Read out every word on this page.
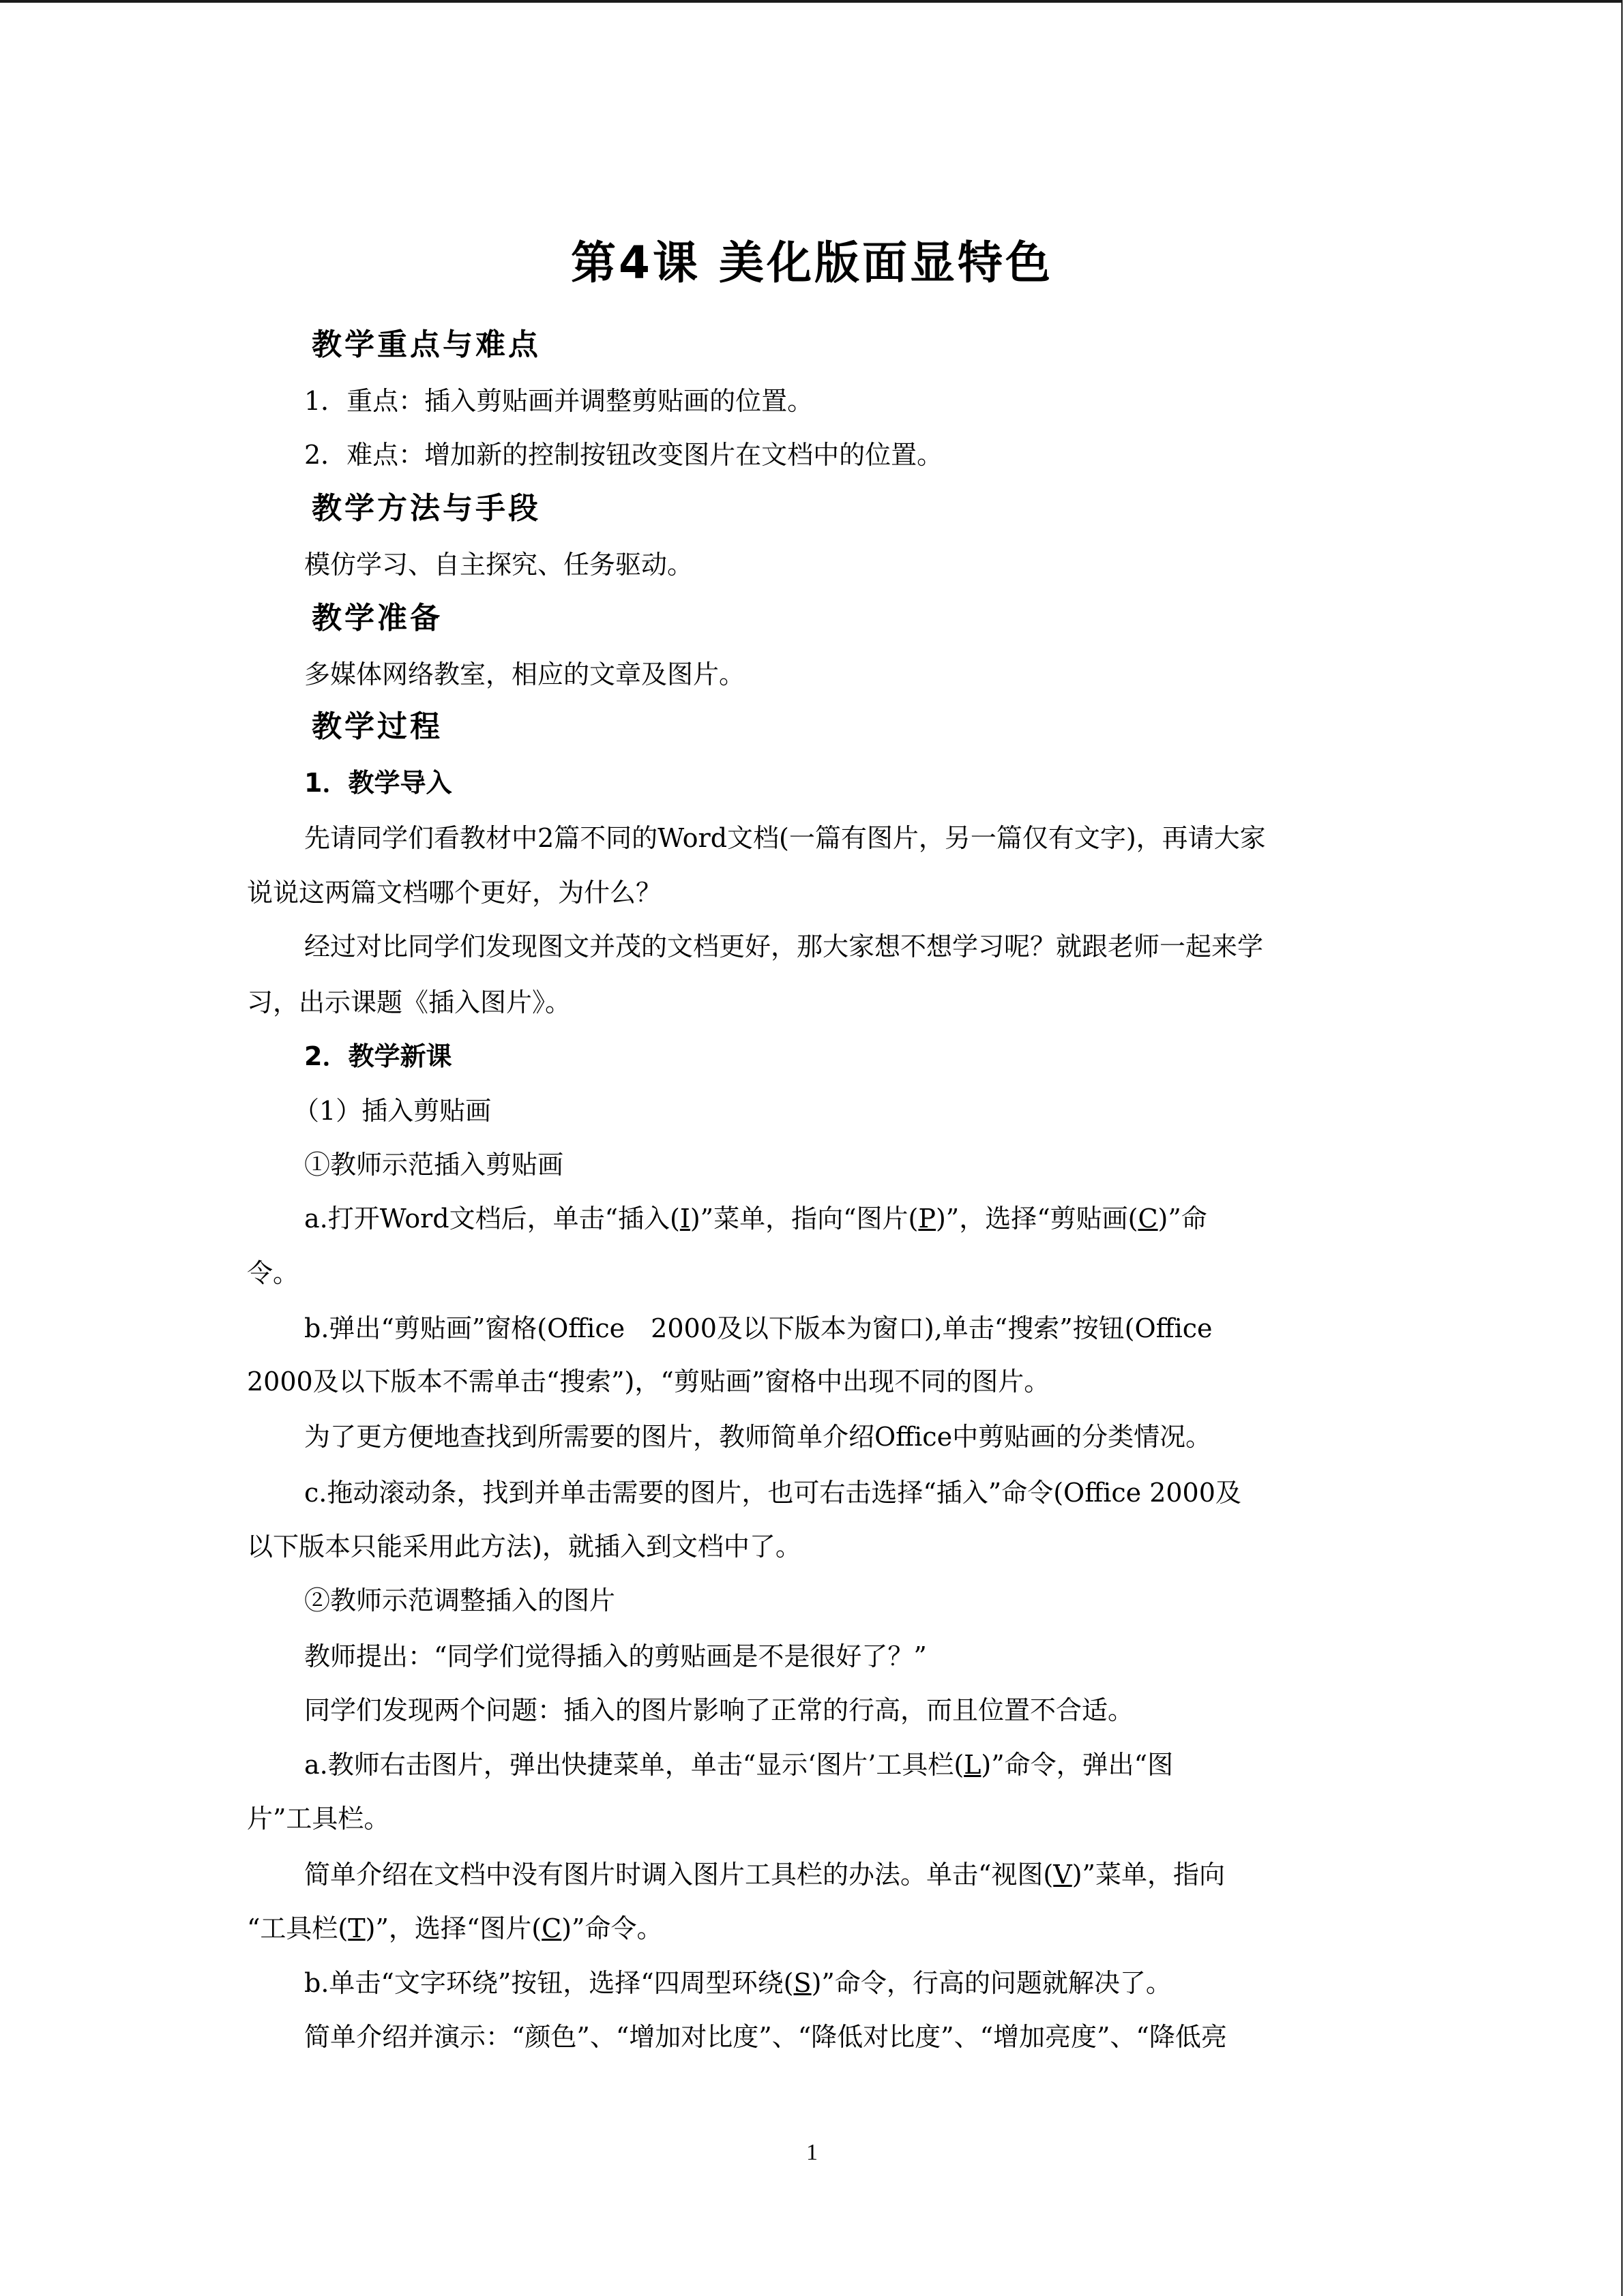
第4课 美化版面显特色
教学重点与难点
1．重点：插入剪贴画并调整剪贴画的位置。
2．难点：增加新的控制按钮改变图片在文档中的位置。
教学方法与手段
模仿学习、自主探究、任务驱动。
教学准备
多媒体网络教室，相应的文章及图片。
教学过程
1．教学导入
先请同学们看教材中2篇不同的Word文档(一篇有图片，另一篇仅有文字)，再请大家
说说这两篇文档哪个更好，为什么？
经过对比同学们发现图文并茂的文档更好，那大家想不想学习呢？就跟老师一起来学
习，出示课题《插入图片》。
2．教学新课
（1）插入剪贴画
①教师示范插入剪贴画
a.打开Word文档后，单击“插入(I)”菜单，指向“图片(P)”，选择“剪贴画(C)”命
令。
b.弹出“剪贴画”窗格(Office　2000及以下版本为窗口),单击“搜索”按钮(Office
2000及以下版本不需单击“搜索”)，“剪贴画”窗格中出现不同的图片。
为了更方便地查找到所需要的图片，教师简单介绍Office中剪贴画的分类情况。
c.拖动滚动条，找到并单击需要的图片，也可右击选择“插入”命令(Office 2000及
以下版本只能采用此方法)，就插入到文档中了。
②教师示范调整插入的图片
教师提出：“同学们觉得插入的剪贴画是不是很好了？”
同学们发现两个问题：插入的图片影响了正常的行高，而且位置不合适。
a.教师右击图片，弹出快捷菜单，单击“显示‘图片’工具栏(L)”命令，弹出“图
片”工具栏。
简单介绍在文档中没有图片时调入图片工具栏的办法。单击“视图(V)”菜单，指向
“工具栏(T)”，选择“图片(C)”命令。
b.单击“文字环绕”按钮，选择“四周型环绕(S)”命令，行高的问题就解决了。
简单介绍并演示：“颜色”、“增加对比度”、“降低对比度”、“增加亮度”、“降低亮
1
